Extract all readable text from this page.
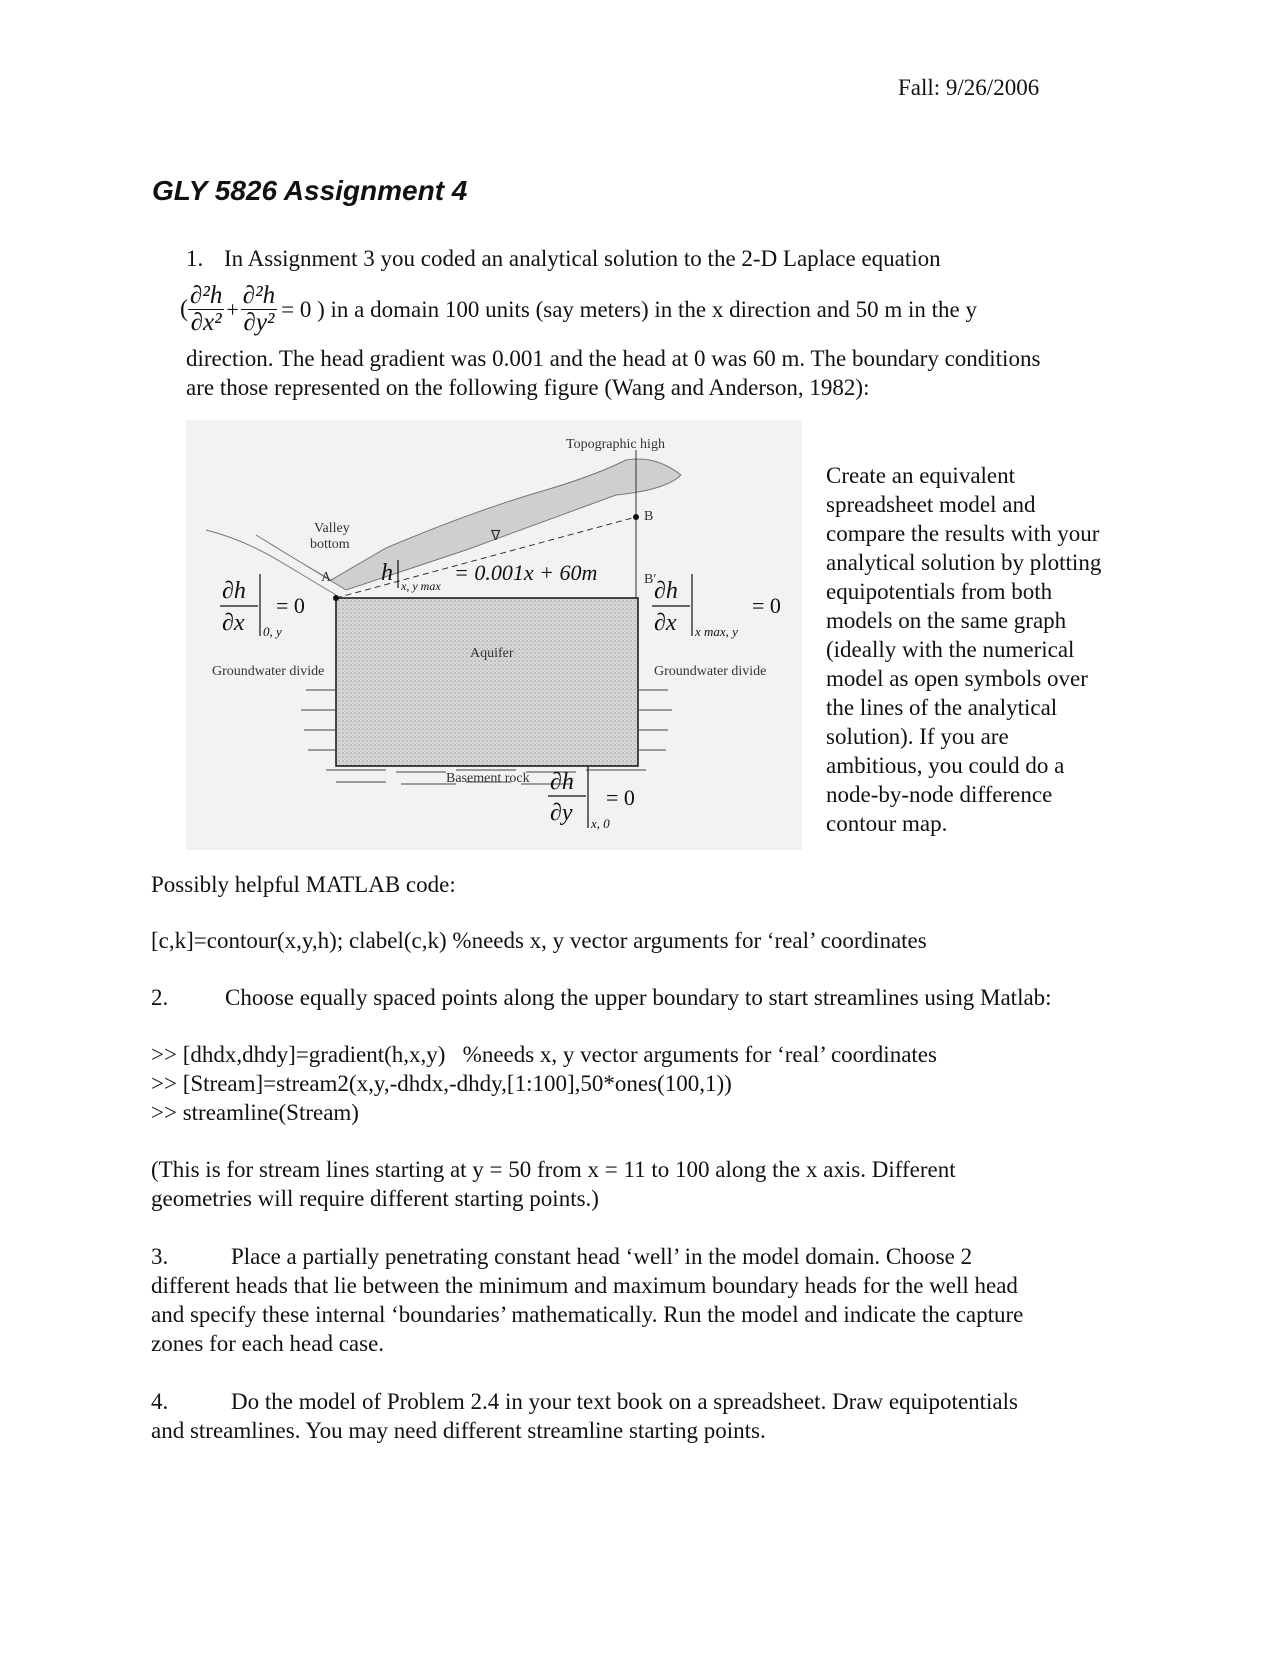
Fall: 9/26/2006
GLY 5826 Assignment 4
1. In Assignment 3 you coded an analytical solution to the 2-D Laplace equation
( $\frac{\text{∂²h}}{\text{∂x²}} + \frac{\text{∂²h}}{\text{∂y²}} = 0$ ) in a domain 100 units (say meters) in the x direction and 50 m in the y
direction. The head gradient was 0.001 and the head at 0 was 60 m. The boundary conditions
are those represented on the following figure (Wang and Anderson, 1982):
Topographic high
Valley
bottom
A
B
B′
∇
h x, y max
= 0.001x + 60m
Aquifer
Groundwater divide	Groundwater divide
Basement rock
∂h
∂x 0, y
= 0
∂h
∂x x max, y
= 0
∂h
∂y x, 0
= 0
Create an equivalent
spreadsheet model and
compare the results with your
analytical solution by plotting
equipotentials from both
models on the same graph
(ideally with the numerical
model as open symbols over
the lines of the analytical
solution). If you are
ambitious, you could do a
node-by-node difference
contour map.
Possibly helpful MATLAB code:
[c,k]=contour(x,y,h); clabel(c,k) %needs x, y vector arguments for ‘real’ coordinates
2. Choose equally spaced points along the upper boundary to start streamlines using Matlab:
>> [dhdx,dhdy]=gradient(h,x,y)   %needs x, y vector arguments for ‘real’ coordinates
>> [Stream]=stream2(x,y,-dhdx,-dhdy,[1:100],50*ones(100,1))
>> streamline(Stream)
(This is for stream lines starting at y = 50 from x = 11 to 100 along the x axis. Different
geometries will require different starting points.)
3.	Place a partially penetrating constant head ‘well’ in the model domain. Choose 2
different heads that lie between the minimum and maximum boundary heads for the well head
and specify these internal ‘boundaries’ mathematically. Run the model and indicate the capture
zones for each head case.
4.	Do the model of Problem 2.4 in your text book on a spreadsheet. Draw equipotentials
and streamlines. You may need different streamline starting points.
